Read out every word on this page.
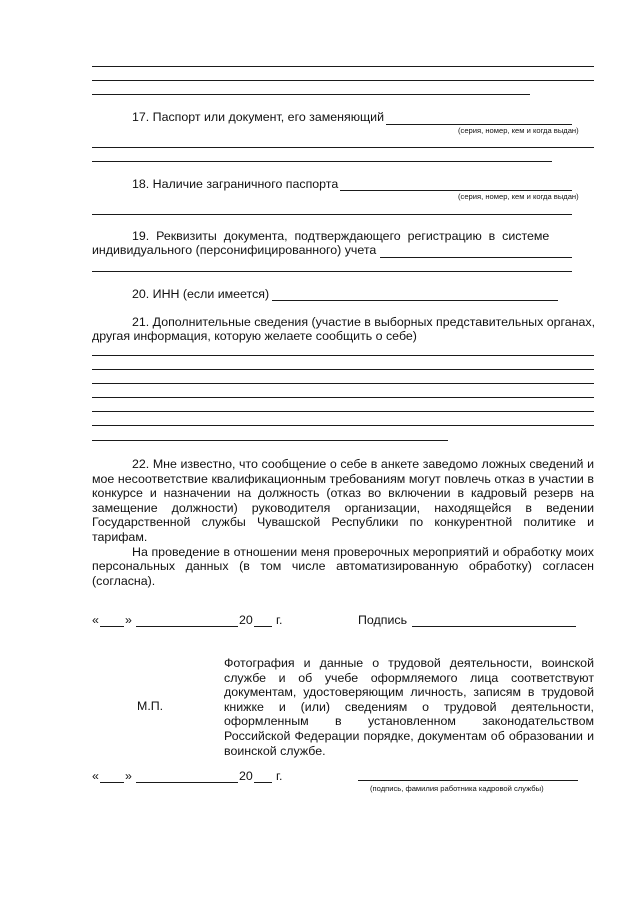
17. Паспорт или документ, его заменяющий
(серия, номер, кем и когда выдан)
18. Наличие заграничного паспорта
(серия, номер, кем и когда выдан)
19.  Реквизиты  документа,  подтверждающего  регистрацию  в  системе
индивидуального (персонифицированного) учета
20. ИНН (если имеется)
21. Дополнительные сведения (участие в выборных представительных органах,
другая информация, которую желаете сообщить о себе)
22. Мне известно, что сообщение о себе в анкете заведомо ложных сведений и мое несоответствие квалификационным требованиям могут повлечь отказ в участии в конкурсе и назначении на должность (отказ во включении в кадровый резерв на замещение должности) руководителя организации, находящейся в ведении Государственной службы Чувашской Республики по конкурентной политике и тарифам.
На проведение в отношении меня проверочных мероприятий и обработку моих персональных данных (в том числе автоматизированную обработку) согласен (согласна).
« »	20 г.	Подпись
М.П.
Фотография и данные о трудовой деятельности, воинской службе и об учебе оформляемого лица соответствуют документам, удостоверяющим личность, записям в трудовой книжке и (или) сведениям о трудовой деятельности, оформленным в установленном законодательством Российской Федерации порядке, документам об образовании и воинской службе.
« »	20 г.
(подпись, фамилия работника кадровой службы)
